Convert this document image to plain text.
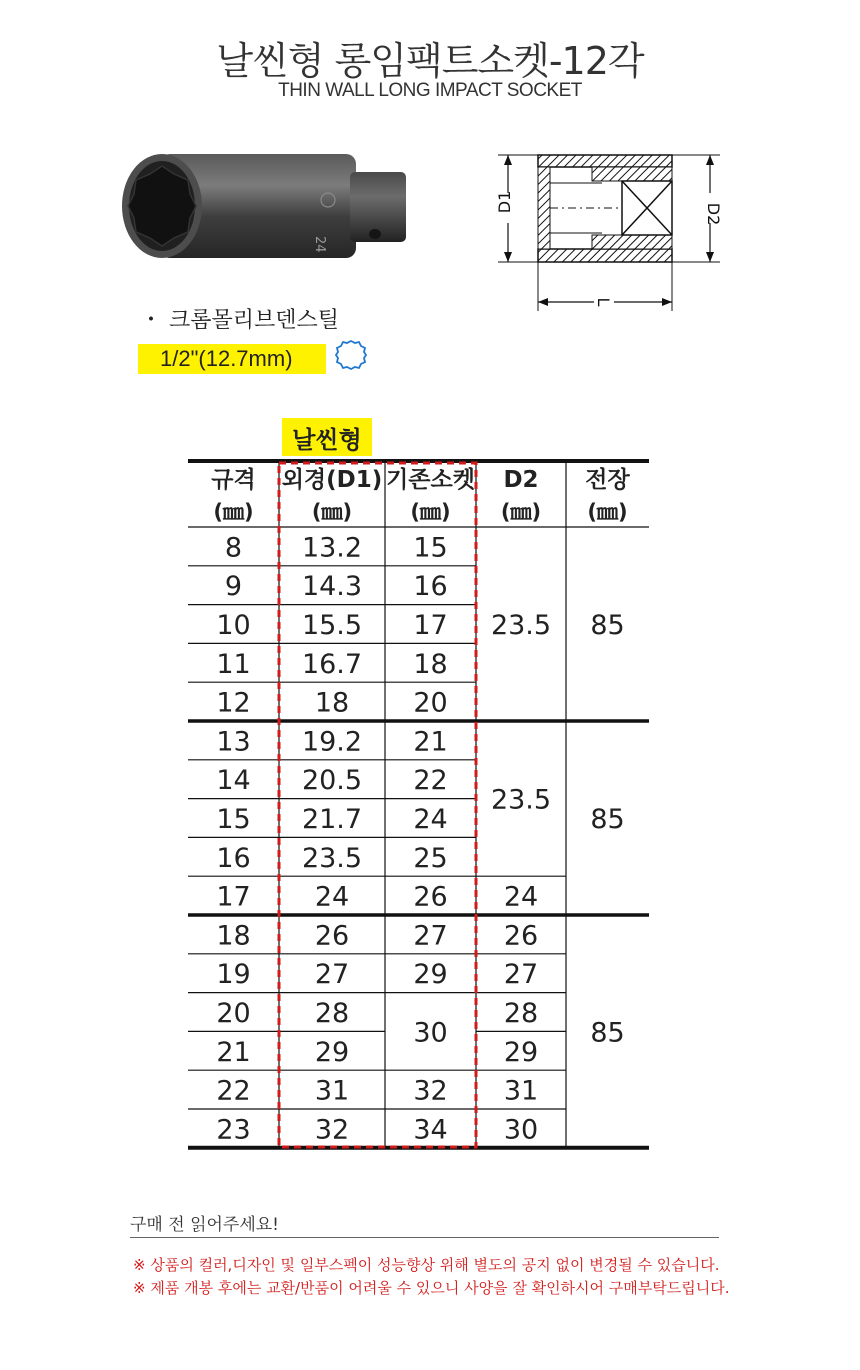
날씬형 롱임팩트소켓-12각
THIN WALL LONG IMPACT SOCKET
24
D1
D2
L
・ 크롬몰리브덴스틸
1/2"(12.7mm)
날씬형
규격
(㎜)
외경(D1)
(㎜)
기존소켓
(㎜)
D2
(㎜)
전장
(㎜)
8 13.2 15
9 14.3 16
10 15.5 17
11 16.7 18
12 18 20
13 19.2 21
14 20.5 22
15 21.7 24
16 23.5 25
17 24 26
18 26 27
19 27 29
20 28
30
21 29
22 31 32
23 32 34
23.5
23.5
24
26
27
28
29
31
30
85
85
85
구매 전 읽어주세요!
※ 상품의 컬러,디자인 및 일부스펙이 성능향상 위해 별도의 공지 없이 변경될 수 있습니다.
※ 제품 개봉 후에는 교환/반품이 어려울 수 있으니 사양을 잘 확인하시어 구매부탁드립니다.
